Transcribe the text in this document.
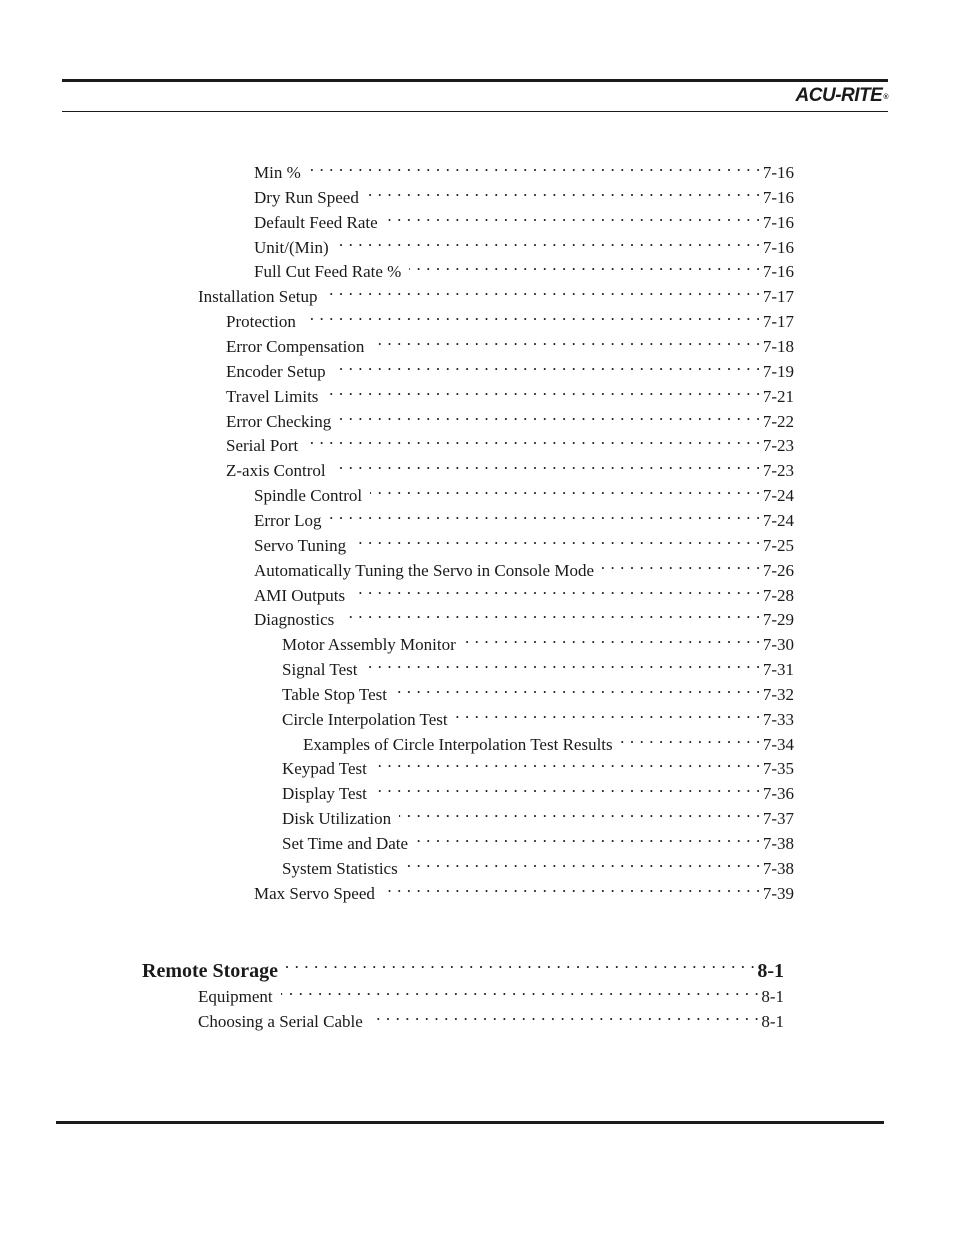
ACU-RITE®
Min % . . .	7-16
Dry Run Speed . . .	7-16
Default Feed Rate . . .	7-16
Unit/(Min) . . .	7-16
Full Cut Feed Rate % . . .	7-16
Installation Setup . . .	7-17
Protection . . .	7-17
Error Compensation . . .	7-18
Encoder Setup . . .	7-19
Travel Limits . . .	7-21
Error Checking . . .	7-22
Serial Port . . .	7-23
Z-axis Control . . .	7-23
Spindle Control . . .	7-24
Error Log . . .	7-24
Servo Tuning . . .	7-25
Automatically Tuning the Servo in Console Mode . . .	7-26
AMI Outputs . . .	7-28
Diagnostics . . .	7-29
Motor Assembly Monitor . . .	7-30
Signal Test . . .	7-31
Table Stop Test . . .	7-32
Circle Interpolation Test . . .	7-33
Examples of Circle Interpolation Test Results . . .	7-34
Keypad Test . . .	7-35
Display Test . . .	7-36
Disk Utilization . . .	7-37
Set Time and Date . . .	7-38
System Statistics . . .	7-38
Max Servo Speed . . .	7-39
Remote Storage . . .	8-1
Equipment . . .	8-1
Choosing a Serial Cable . . .	8-1
